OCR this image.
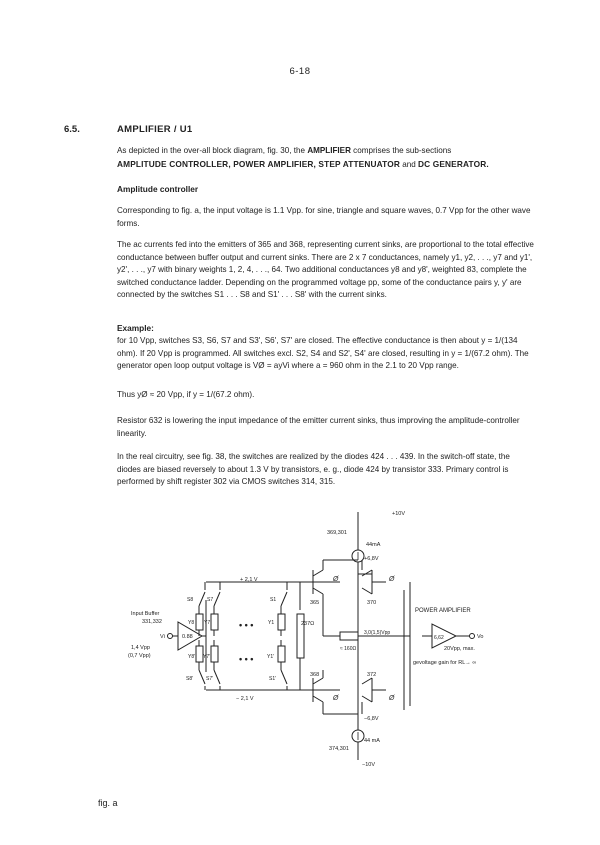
6-18
6.5.	AMPLIFIER / U1
As depicted in the over-all block diagram, fig. 30, the AMPLIFIER comprises the sub-sections
AMPLITUDE CONTROLLER, POWER AMPLIFIER, STEP ATTENUATOR and DC GENERATOR.
Amplitude controller
Corresponding to fig. a, the input voltage is 1.1 Vpp. for sine, triangle and square waves, 0.7 Vpp for the other wave forms.
The ac currents fed into the emitters of 365 and 368, representing current sinks, are proportional to the total effective conductance between buffer output and current sinks. There are 2 x 7 conductances, namely y1, y2, . . ., y7 and y1', y2', . . ., y7 with binary weights 1, 2, 4, . . ., 64. Two additional conductances y8 and y8', weighted 83, complete the switched conductance ladder. Depending on the programmed voltage pp, some of the conductance pairs y, y' are connected by the switches S1 . . . S8 and S1' . . . S8' with the current sinks.
Example:
for 10 Vpp, switches S3, S6, S7 and S3', S6', S7' are closed. The effective conductance is then about y = 1/(134 ohm). If 20 Vpp is programmed. All switches excl. S2, S4 and S2', S4' are closed, resulting in y = 1/(67.2 ohm). The generator open loop output voltage is VØ = ayVi where a = 960 ohm in the 2.1 to 20 Vpp range.
Thus yØ ≈ 20 Vpp, if y = 1/(67.2 ohm).
Resistor 632 is lowering the input impedance of the emitter current sinks, thus improving the amplitude-controller linearity.
In the real circuitry, see fig. 38, the switches are realized by the diodes 424 . . . 439. In the switch-off state, the diodes are biased reversely to about 1.3 V by transistors, e. g., diode 424 by transistor 333. Primary control is performed by shift register 302 via CMOS switches 314, 315.
+10V
369,301
44mA
+6,8V
+ 2,1 V
− 2,1 V
Input Buffer
331,332
0.88
Vi
1,4 Vpp
(0,7 Vpp)
S8	S7	S1
Y8 Y7	Y1
Y8' Y7'	Y1'
S8'	S7'	S1'
• • •
• • •
237Ω
≈ 160Ω
365	370
368	372
Ø	Ø
Ø	Ø
3,0(1,5)Vpp
POWER AMPLIFIER
6,62	Vo
20Vpp, max.
gevoltage gain for RL→ ∞
−6,8V
44 mA
374,301
−10V
fig. a
